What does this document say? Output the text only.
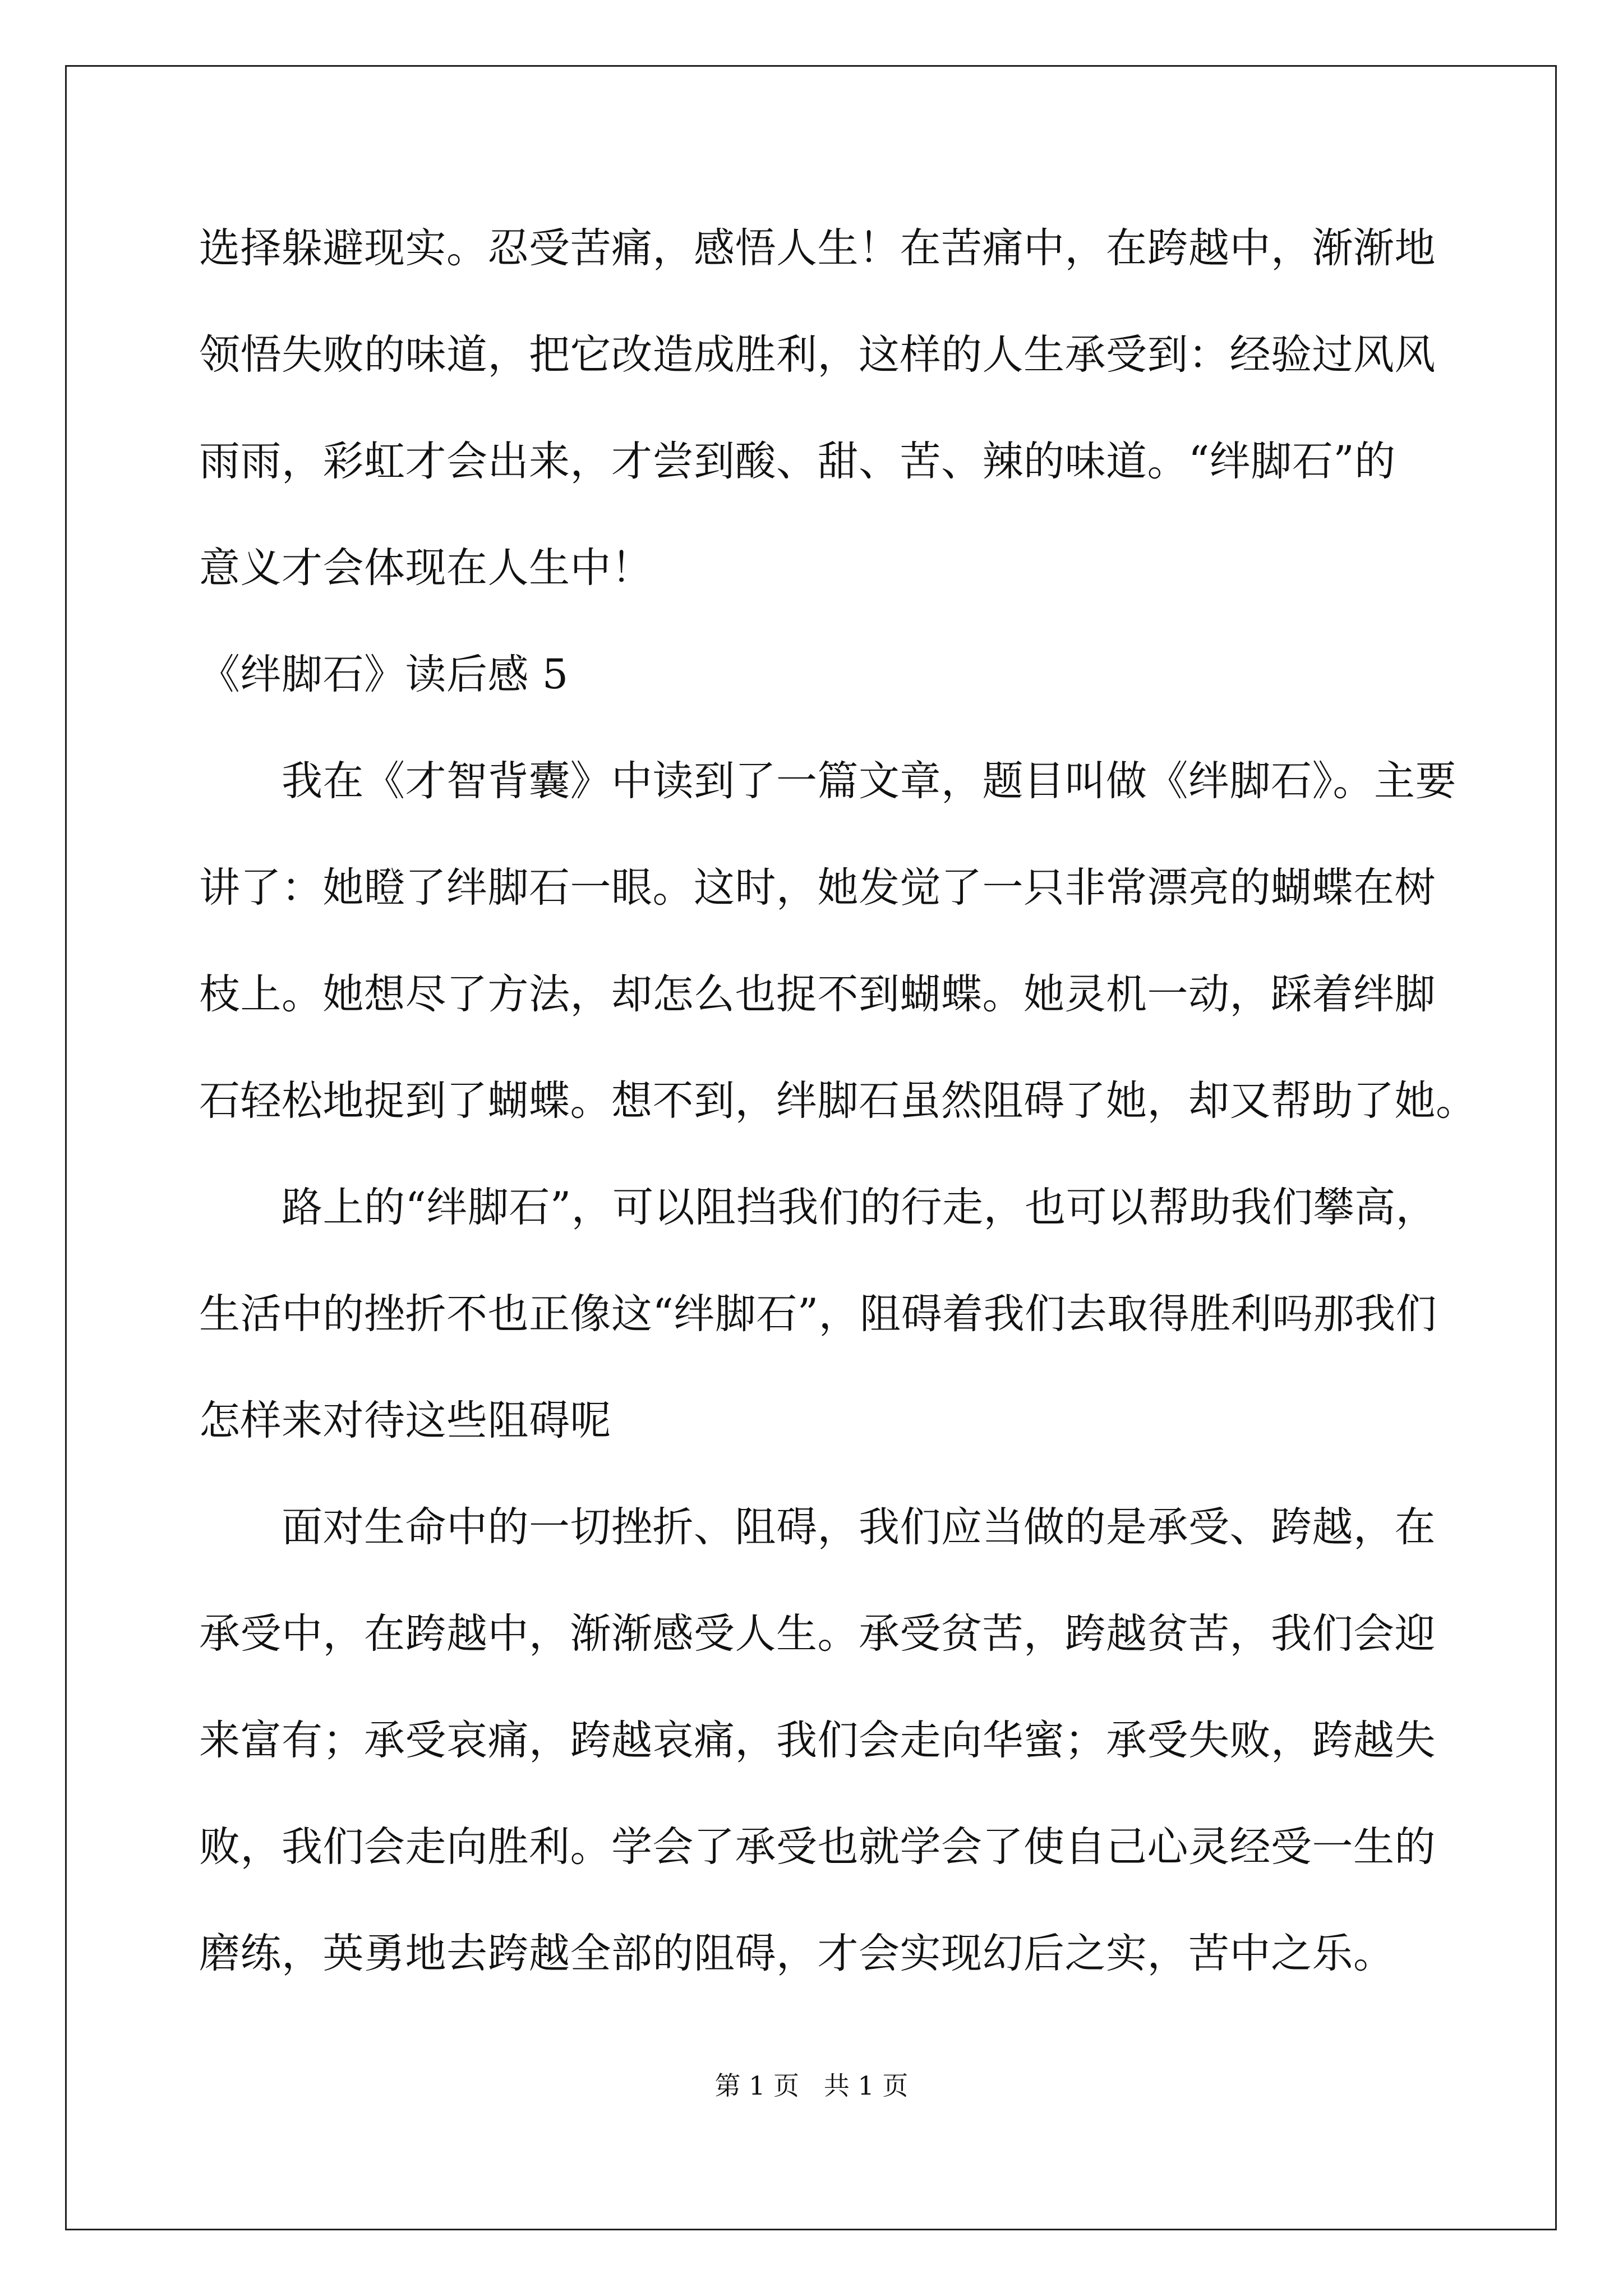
选择躲避现实。忍受苦痛，感悟人生！在苦痛中，在跨越中，渐渐地

领悟失败的味道，把它改造成胜利，这样的人生承受到：经验过风风

雨雨，彩虹才会出来，才尝到酸、甜、苦、辣的味道。“绊脚石”的

意义才会体现在人生中！

《绊脚石》读后感 5

　　我在《才智背囊》中读到了一篇文章，题目叫做《绊脚石》。主要

讲了：她瞪了绊脚石一眼。这时，她发觉了一只非常漂亮的蝴蝶在树

枝上。她想尽了方法，却怎么也捉不到蝴蝶。她灵机一动，踩着绊脚

石轻松地捉到了蝴蝶。想不到，绊脚石虽然阻碍了她，却又帮助了她。

　　路上的“绊脚石”，可以阻挡我们的行走，也可以帮助我们攀高，

生活中的挫折不也正像这“绊脚石”，阻碍着我们去取得胜利吗那我们

怎样来对待这些阻碍呢

　　面对生命中的一切挫折、阻碍，我们应当做的是承受、跨越，在

承受中，在跨越中，渐渐感受人生。承受贫苦，跨越贫苦，我们会迎

来富有；承受哀痛，跨越哀痛，我们会走向华蜜；承受失败，跨越失

败，我们会走向胜利。学会了承受也就学会了使自己心灵经受一生的

磨练，英勇地去跨越全部的阻碍，才会实现幻后之实，苦中之乐。

第 1 页   共 1 页
